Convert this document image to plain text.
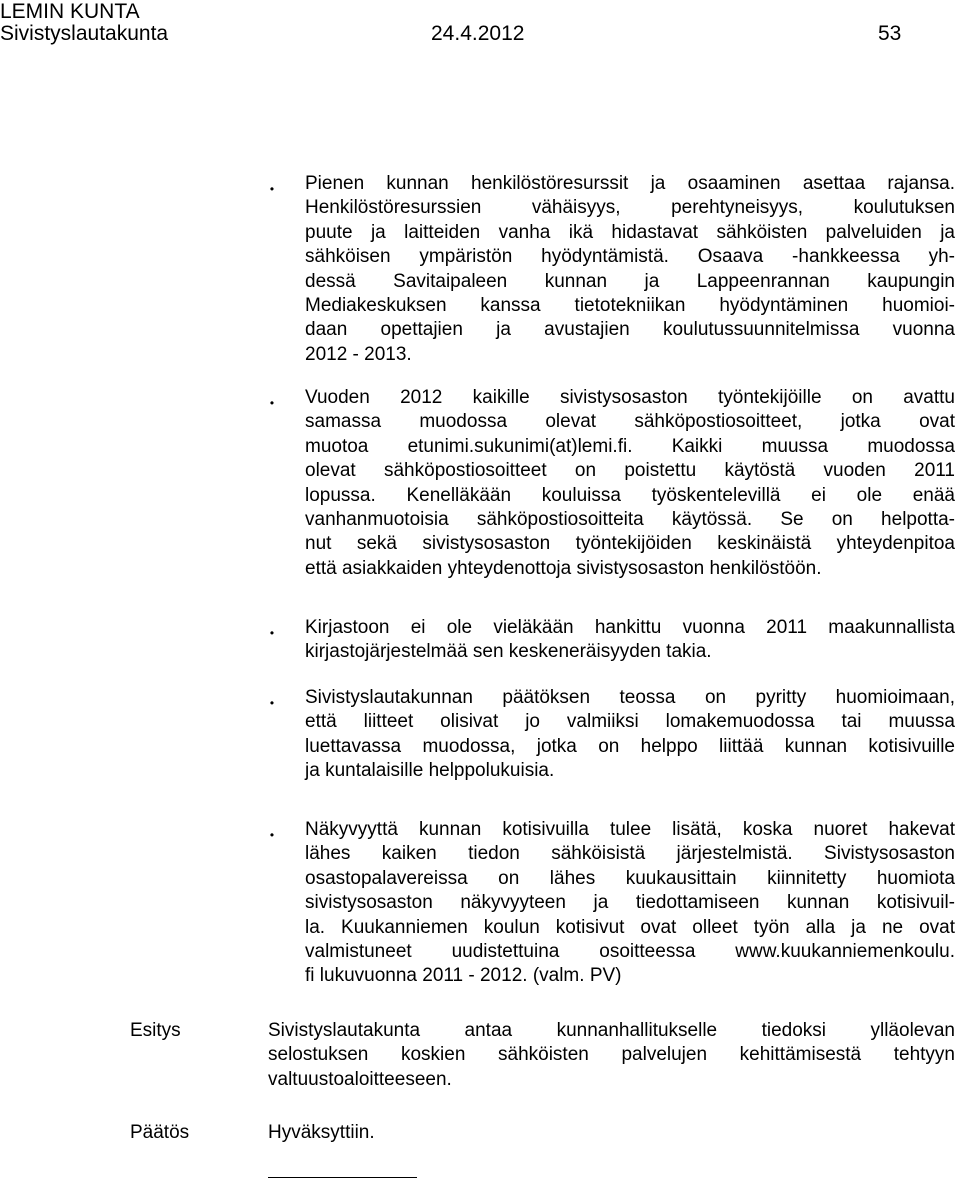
LEMIN KUNTA
Sivistyslautakunta	24.4.2012	53
• Pienen kunnan henkilöstöresurssit ja osaaminen asettaa rajansa.
Henkilöstöresurssien vähäisyys, perehtyneisyys, koulutuksen
puute ja laitteiden vanha ikä hidastavat sähköisten palveluiden ja
sähköisen ympäristön hyödyntämistä. Osaava -hankkeessa yh-
dessä Savitaipaleen kunnan ja Lappeenrannan kaupungin
Mediakeskuksen kanssa tietotekniikan hyödyntäminen huomioi-
daan opettajien ja avustajien koulutussuunnitelmissa vuonna
2012 - 2013.
• Vuoden 2012 kaikille sivistysosaston työntekijöille on avattu
samassa muodossa olevat sähköpostiosoitteet, jotka ovat
muotoa etunimi.sukunimi(at)lemi.fi. Kaikki muussa muodossa
olevat sähköpostiosoitteet on poistettu käytöstä vuoden 2011
lopussa. Kenelläkään kouluissa työskentelevillä ei ole enää
vanhanmuotoisia sähköpostiosoitteita käytössä. Se on helpotta-
nut sekä sivistysosaston työntekijöiden keskinäistä yhteydenpitoa
että asiakkaiden yhteydenottoja sivistysosaston henkilöstöön.
• Kirjastoon ei ole vieläkään hankittu vuonna 2011 maakunnallista
kirjastojärjestelmää sen keskeneräisyyden takia.
• Sivistyslautakunnan päätöksen teossa on pyritty huomioimaan,
että liitteet olisivat jo valmiiksi lomakemuodossa tai muussa
luettavassa muodossa, jotka on helppo liittää kunnan kotisivuille
ja kuntalaisille helppolukuisia.
• Näkyvyyttä kunnan kotisivuilla tulee lisätä, koska nuoret hakevat
lähes kaiken tiedon sähköisistä järjestelmistä. Sivistysosaston
osastopalavereissa on lähes kuukausittain kiinnitetty huomiota
sivistysosaston näkyvyyteen ja tiedottamiseen kunnan kotisivuil-
la. Kuukanniemen koulun kotisivut ovat olleet työn alla ja ne ovat
valmistuneet uudistettuina osoitteessa www.kuukanniemenkoulu.
fi lukuvuonna 2011 - 2012. (valm. PV)
Esitys	Sivistyslautakunta antaa kunnanhallitukselle tiedoksi ylläolevan
selostuksen koskien sähköisten palvelujen kehittämisestä tehtyyn
valtuustoaloitteeseen.
Päätös	Hyväksyttiin.
